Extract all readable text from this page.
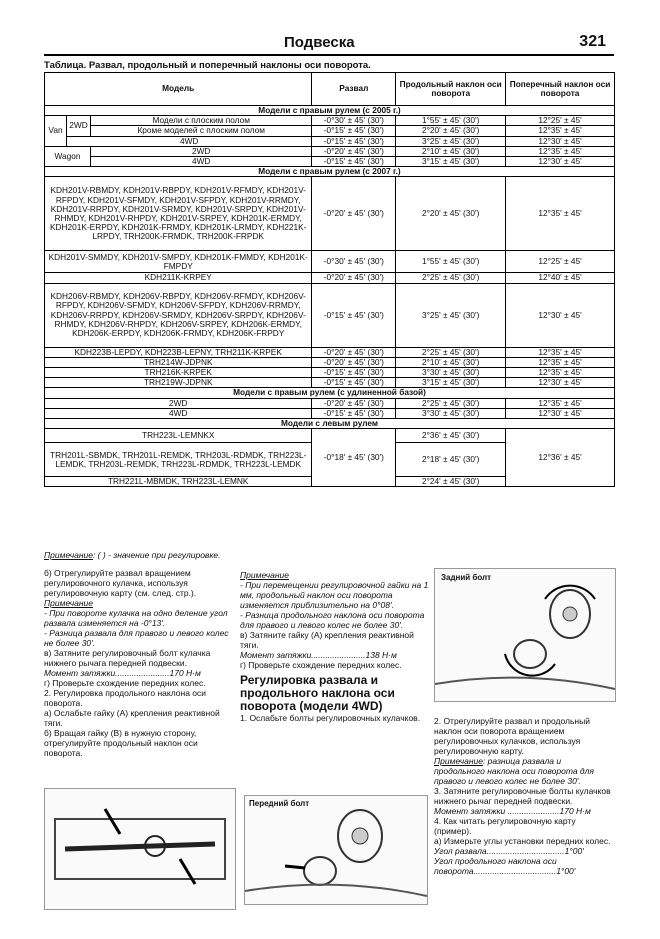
Подвеска	321
Таблица. Развал, продольный и поперечный наклоны оси поворота.
Модель			Развал	Продольный наклон оси поворота	Поперечный наклон оси поворота
Модели с правым рулем (с 2005 г.)					
Van	2WD	Модели с плоским полом	-0°30' ± 45' (30')	1°55' ± 45' (30')	12°25' ± 45'
		Кроме моделей с плоским полом	-0°15' ± 45' (30')	2°20' ± 45' (30')	12°35' ± 45'
	4WD		-0°15' ± 45' (30')	3°25' ± 45' (30')	12°30' ± 45'
Wagon		2WD	-0°20' ± 45' (30')	2°10' ± 45' (30')	12°35' ± 45'
		4WD	-0°15' ± 45' (30')	3°15' ± 45' (30')	12°30' ± 45'
Модели с правым рулем (с 2007 г.)					
KDH201V-RBMDY, KDH201V-RBPDY, KDH201V-RFMDY, KDH201V-RFPDY, KDH201V-SFMDY, KDH201V-SFPDY, KDH201V-RRMDY, KDH201V-RRPDY, KDH201V-SRMDY, KDH201V-SRPDY, KDH201V-RHMDY, KDH201V-RHPDY, KDH201V-SRPEY, KDH201K-ERMDY, KDH201K-ERPDY, KDH201K-FRMDY, KDH201K-LRMDY, KDH221K-LRPDY, TRH200K-FRMDK, TRH200K-FRPDK			-0°20' ± 45' (30')	2°20' ± 45' (30')	12°35' ± 45'
KDH201V-SMMDY, KDH201V-SMPDY, KDH201K-FMMDY, KDH201K-FMPDY			-0°30' ± 45' (30')	1°55' ± 45' (30')	12°25' ± 45'
KDH211K-KRPEY			-0°20' ± 45' (30')	2°25' ± 45' (30')	12°40' ± 45'
KDH206V-RBMDY, KDH206V-RBPDY, KDH206V-RFMDY, KDH206V-RFPDY, KDH206V-SFMDY, KDH206V-SFPDY, KDH206V-RRMDY, KDH206V-RRPDY, KDH206V-SRMDY, KDH206V-SRPDY, KDH206V-RHMDY, KDH206V-RHPDY, KDH206V-SRPEY, KDH206K-ERMDY, KDH206K-ERPDY, KDH206K-FRMDY, KDH206K-FRPDY			-0°15' ± 45' (30')	3°25' ± 45' (30')	12°30' ± 45'
KDH223B-LEPDY, KDH223B-LEPNY, TRH211K-KRPEK			-0°20' ± 45' (30')	2°25' ± 45' (30')	12°35' ± 45'
TRH214W-JDPNK			-0°20' ± 45' (30')	2°10' ± 45' (30')	12°35' ± 45'
TRH216K-KRPEK			-0°15' ± 45' (30')	3°30' ± 45' (30')	12°35' ± 45'
TRH219W-JDPNK			-0°15' ± 45' (30')	3°15' ± 45' (30')	12°30' ± 45'
Модели с правым рулем (с удлиненной базой)					
2WD			-0°20' ± 45' (30')	2°25' ± 45' (30')	12°35' ± 45'
4WD			-0°15' ± 45' (30')	3°30' ± 45' (30')	12°30' ± 45'
Модели с левым рулем					
TRH223L-LEMNKX			-0°18' ± 45' (30')	2°36' ± 45' (30')	12°36' ± 45'
TRH201L-SBMDK, TRH201L-REMDK, TRH203L-RDMDK, TRH223L-LEMDK, TRH203L-REMDK, TRH223L-RDMDK, TRH223L-LEMDK				2°18' ± 45' (30')	
TRH221L-MBMDK, TRH223L-LEMNK				2°24' ± 45' (30')	
Примечание: ( ) - значение при регулировке.

б) Отрегулируйте развал вращением регулировочного кулачка, используя регулировочную карту (см. след. стр.).

Примечание

- При повороте кулачка на одно деление угол развала изменяется на -0°13'.

- Разница развала для правого и левого колес не более 30'.

в) Затяните регулировочный болт кулачка нижнего рычага передней подвески.

Момент затяжки.......................170 Н·м

г) Проверьте схождение передних колес.

2. Регулировка продольного наклона оси поворота.

а) Ослабьте гайку (А) крепления реактивной тяги.

б) Вращая гайку (В) в нужную сторону, отрегулируйте продольный наклон оси поворота.

Примечание

- При перемещении регулировочной гайки на 1 мм, продольный наклон оси поворота изменяется приблизительно на 0°08'.

- Разница продольного наклона оси поворота для правого и левого колес не более 30'.

в) Затяните гайку (А) крепления реактивной тяги.

Момент затяжки.......................138 Н·м

г) Проверьте схождение передних колес.

Регулировка развала и продольного наклона оси поворота (модели 4WD)

1. Ослабьте болты регулировочных кулачков.

Передний болт
Задний болт

2. Отрегулируйте развал и продольный наклон оси поворота вращением регулировочных кулачков, используя регулировочную карту.

Примечание: разница развала и продольного наклона оси поворота для правого и левого колес не более 30'.

3. Затяните регулировочные болты кулачков нижнего рычаг передней подвески.

Момент затяжки ......................170 Н·м

4. Как читать регулировочную карту (пример).

а) Измерьте углы установки передних колес.

Угол развала.................................1°00'

Угол продольного наклона оси поворота...................................1°00'
